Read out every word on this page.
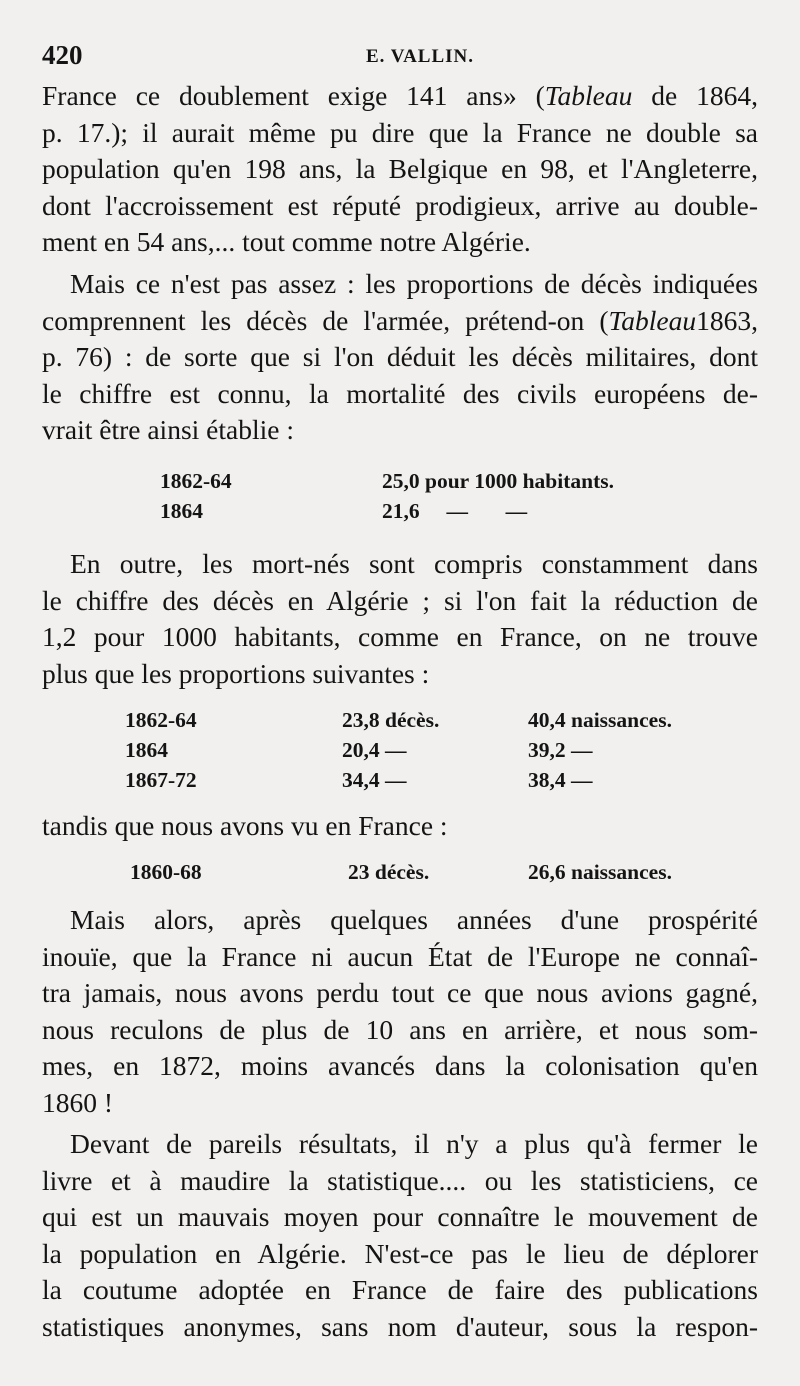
420	E. VALLIN.

France ce doublement exige 141 ans» (Tableau de 1864,

p. 17.); il aurait même pu dire que la France ne double sa

population qu'en 198 ans, la Belgique en 98, et l'Angleterre,

dont l'accroissement est réputé prodigieux, arrive au double-

ment en 54 ans,... tout comme notre Algérie.

Mais ce n'est pas assez : les proportions de décès indiquées

comprennent les décès de l'armée, prétend-on (Tableau1863,

p. 76) : de sorte que si l'on déduit les décès militaires, dont

le chiffre est connu, la mortalité des civils européens de-

vrait être ainsi établie :

1862-64	25,0 pour 1000 habitants.
1864	21,6     —       —

En outre, les mort-nés sont compris constamment dans

le chiffre des décès en Algérie ; si l'on fait la réduction de

1,2 pour 1000 habitants, comme en France, on ne trouve

plus que les proportions suivantes :

1862-64	23,8 décès.	40,4 naissances.
1864	20,4 —	39,2 —
1867-72	34,4 —	38,4 —

tandis que nous avons vu en France :

1860-68	23 décès.	26,6 naissances.

Mais alors, après quelques années d'une prospérité

inouïe, que la France ni aucun État de l'Europe ne connaî-

tra jamais, nous avons perdu tout ce que nous avions gagné,

nous reculons de plus de 10 ans en arrière, et nous som-

mes, en 1872, moins avancés dans la colonisation qu'en

1860 !

Devant de pareils résultats, il n'y a plus qu'à fermer le

livre et à maudire la statistique.... ou les statisticiens, ce

qui est un mauvais moyen pour connaître le mouvement de

la population en Algérie. N'est-ce pas le lieu de déplorer

la coutume adoptée en France de faire des publications

statistiques anonymes, sans nom d'auteur, sous la respon-
